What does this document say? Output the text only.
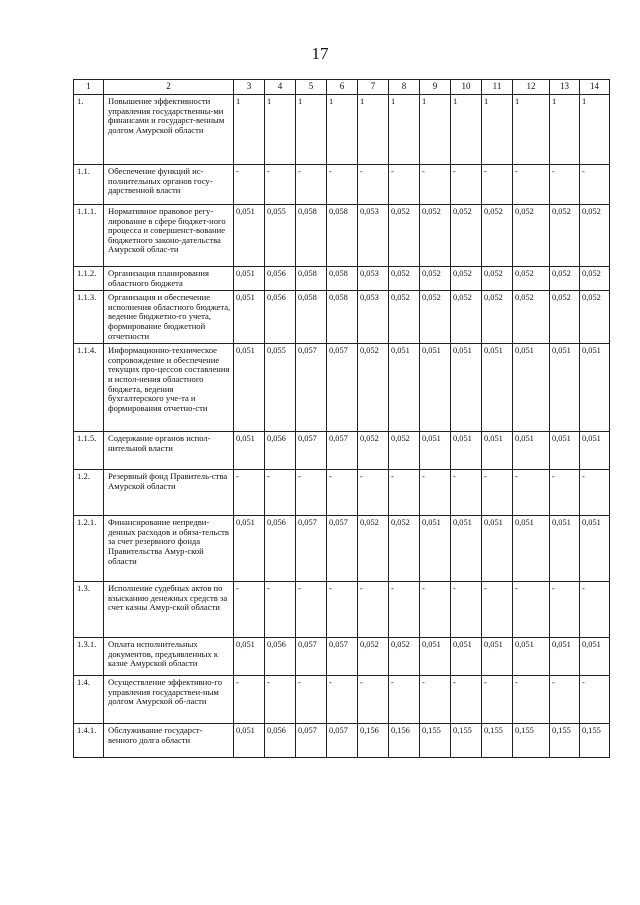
17
1	2	3	4	5	6	7	8	9	10	11	12	13	14
1.	Повышение эффективности управления государственны-ми финансами и государст-венным долгом Амурской области	1	1	1	1	1	1	1	1	1	1	1	1
1.1.	Обеспечение функций ис-полнительных органов госу-дарственной власти	-	-	-	-	-	-	-	-	-	-	-	-
1.1.1.	Нормативное правовое регу-лирование в сфере бюджет-ного процесса и совершенст-вование бюджетного законо-дательства Амурской облас-ти	0,051	0,055	0,058	0,058	0,053	0,052	0,052	0,052	0,052	0,052	0,052	0,052
1.1.2.	Организация планирования областного бюджета	0,051	0,056	0,058	0,058	0,053	0,052	0,052	0,052	0,052	0,052	0,052	0,052
1.1.3.	Организация и обеспечение исполнения областного бюджета, ведение бюджетно-го учета, формирование бюджетной отчетности	0,051	0,056	0,058	0,058	0,053	0,052	0,052	0,052	0,052	0,052	0,052	0,052
1.1.4.	Информационно-техническое сопровождение и обеспечение текущих про-цессов составления и испол-нения областного бюджета, ведения бухгалтерского уче-та и формирования отчетно-сти	0,051	0,055	0,057	0,057	0,052	0,051	0,051	0,051	0,051	0,051	0,051	0,051
1.1.5.	Содержание органов испол-нительной власти	0,051	0,056	0,057	0,057	0,052	0,052	0,051	0,051	0,051	0,051	0,051	0,051
1.2.	Резервный фонд Правитель-ства Амурской области	-	-	-	-	-	-	-	-	-	-	-	-
1.2.1.	Финансирование непредви-денных расходов и обяза-тельств за счет резервного фонда Правительства Амур-ской области	0,051	0,056	0,057	0,057	0,052	0,052	0,051	0,051	0,051	0,051	0,051	0,051
1.3.	Исполнение судебных актов по взысканию денежных средств за счет казны Амур-ской области	-	-	-	-	-	-	-	-	-	-	-	-
1.3.1.	Оплата исполнительных документов, предъявленных к казне Амурской области	0,051	0,056	0,057	0,057	0,052	0,052	0,051	0,051	0,051	0,051	0,051	0,051
1.4.	Осуществление эффективно-го управления государствен-ным долгом Амурской об-ласти	-	-	-	-	-	-	-	-	-	-	-	-
1.4.1.	Обслуживание государст-венного долга области	0,051	0,056	0,057	0,057	0,156	0,156	0,155	0,155	0,155	0,155	0,155	0,155
